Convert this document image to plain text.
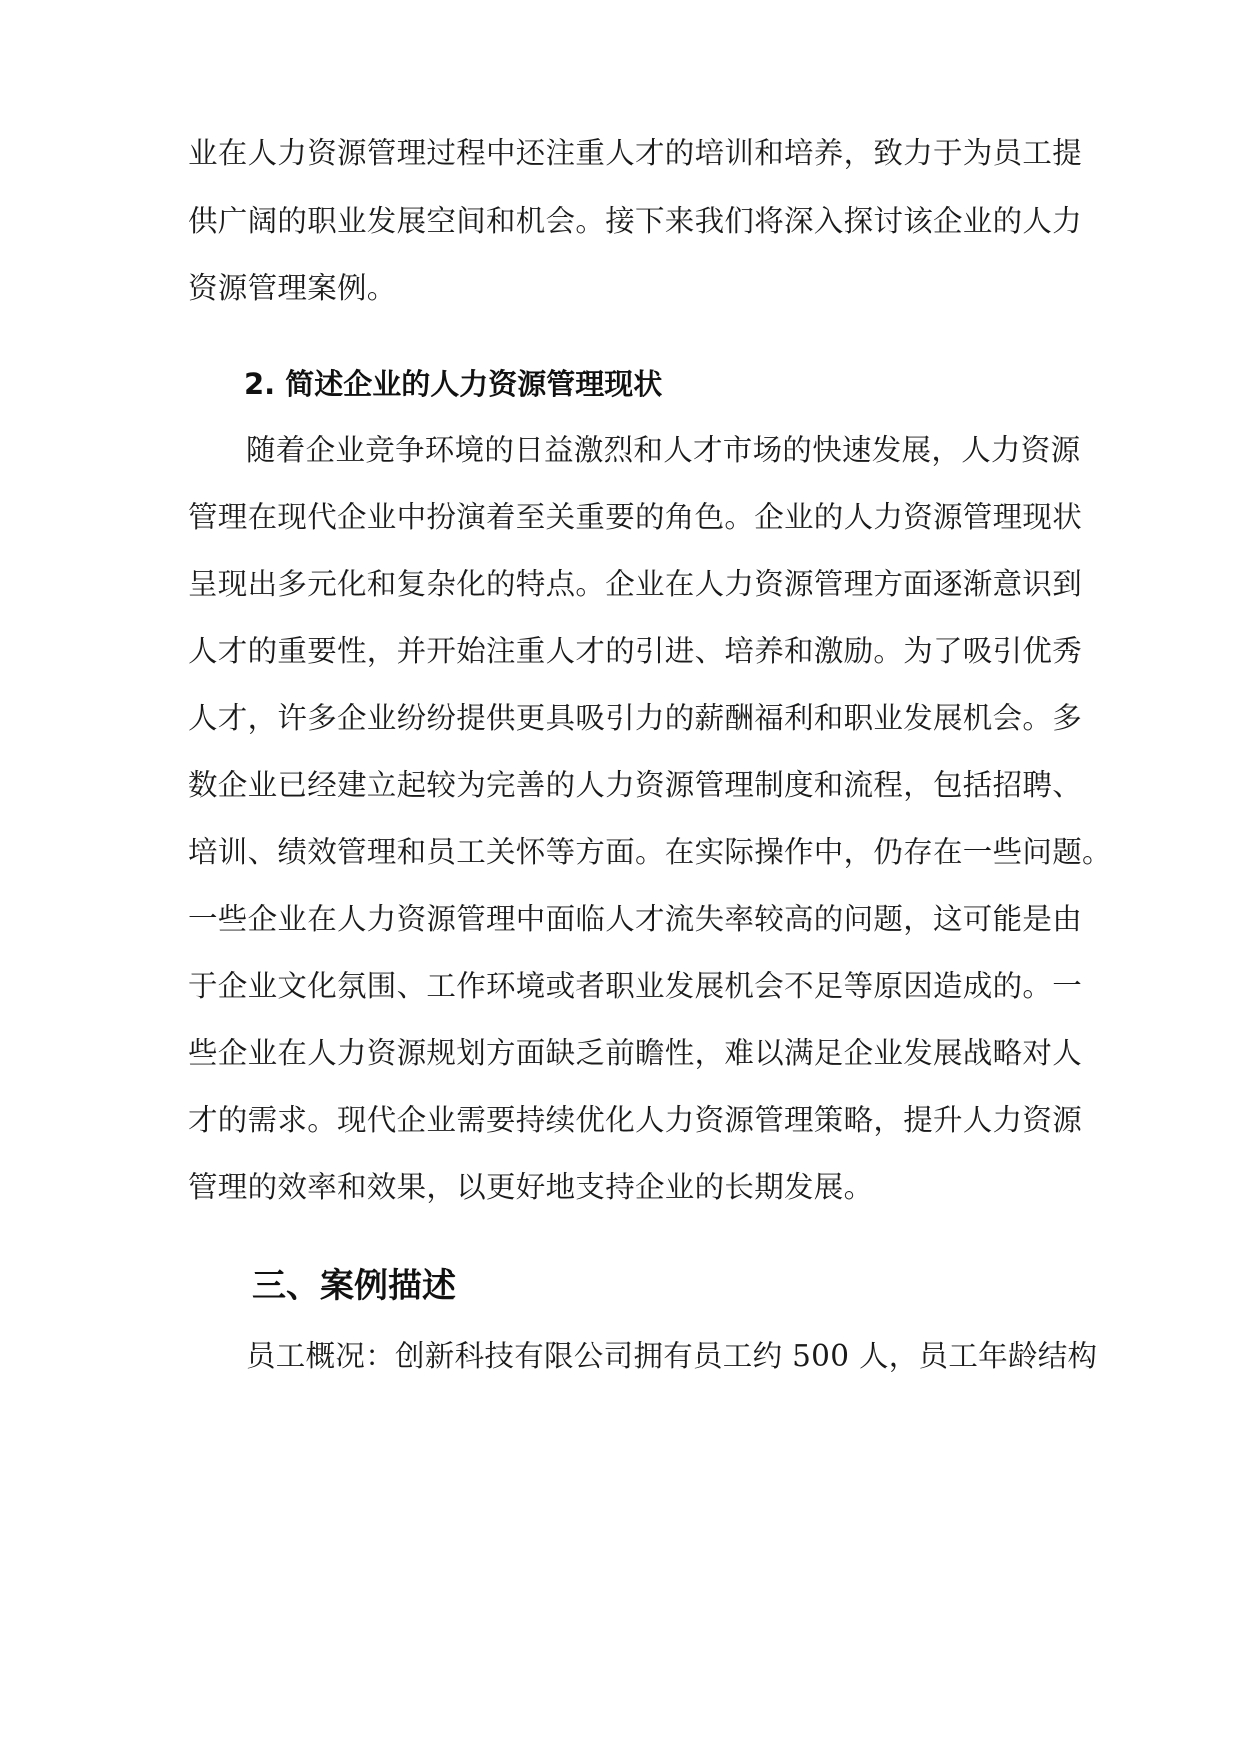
业在人力资源管理过程中还注重人才的培训和培养，致力于为员工提
供广阔的职业发展空间和机会。接下来我们将深入探讨该企业的人力
资源管理案例。
2. 简述企业的人力资源管理现状
随着企业竞争环境的日益激烈和人才市场的快速发展，人力资源
管理在现代企业中扮演着至关重要的角色。企业的人力资源管理现状
呈现出多元化和复杂化的特点。企业在人力资源管理方面逐渐意识到
人才的重要性，并开始注重人才的引进、培养和激励。为了吸引优秀
人才，许多企业纷纷提供更具吸引力的薪酬福利和职业发展机会。多
数企业已经建立起较为完善的人力资源管理制度和流程，包括招聘、
培训、绩效管理和员工关怀等方面。在实际操作中，仍存在一些问题。
一些企业在人力资源管理中面临人才流失率较高的问题，这可能是由
于企业文化氛围、工作环境或者职业发展机会不足等原因造成的。一
些企业在人力资源规划方面缺乏前瞻性，难以满足企业发展战略对人
才的需求。现代企业需要持续优化人力资源管理策略，提升人力资源
管理的效率和效果，以更好地支持企业的长期发展。
三、案例描述
员工概况：创新科技有限公司拥有员工约 500 人，员工年龄结构
